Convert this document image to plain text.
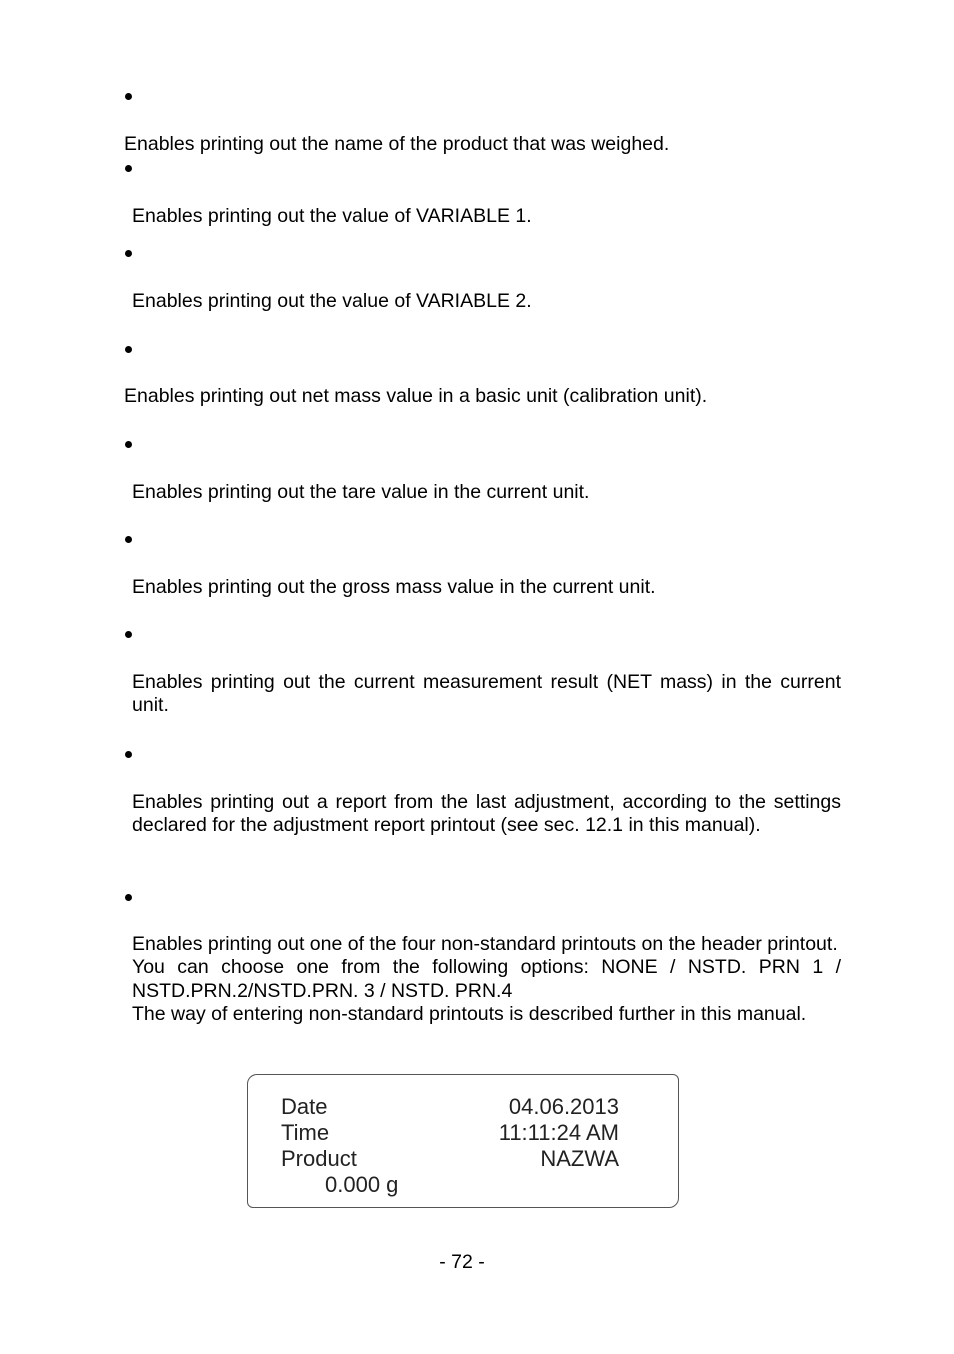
Enables printing out the name of the product that was weighed.

Enables printing out the value of VARIABLE 1.

Enables printing out the value of VARIABLE 2.

Enables printing out net mass value in a basic unit (calibration unit).

Enables printing out the tare value in the current unit.

Enables printing out the gross mass value in the current unit.

Enables printing out the current measurement result (NET mass) in the current unit.

Enables printing out a report from the last adjustment, according to the settings declared for the adjustment report printout (see sec. 12.1 in this manual).

Enables printing out one of the four non-standard printouts on the header printout.
You can choose one from the following options: NONE / NSTD. PRN 1 / NSTD.PRN.2/NSTD.PRN. 3 / NSTD. PRN.4
The way of entering non-standard printouts is described further in this manual.
Date	04.06.2013
Time	11:11:24 AM
Product	NAZWA
0.000 g
- 72 -
